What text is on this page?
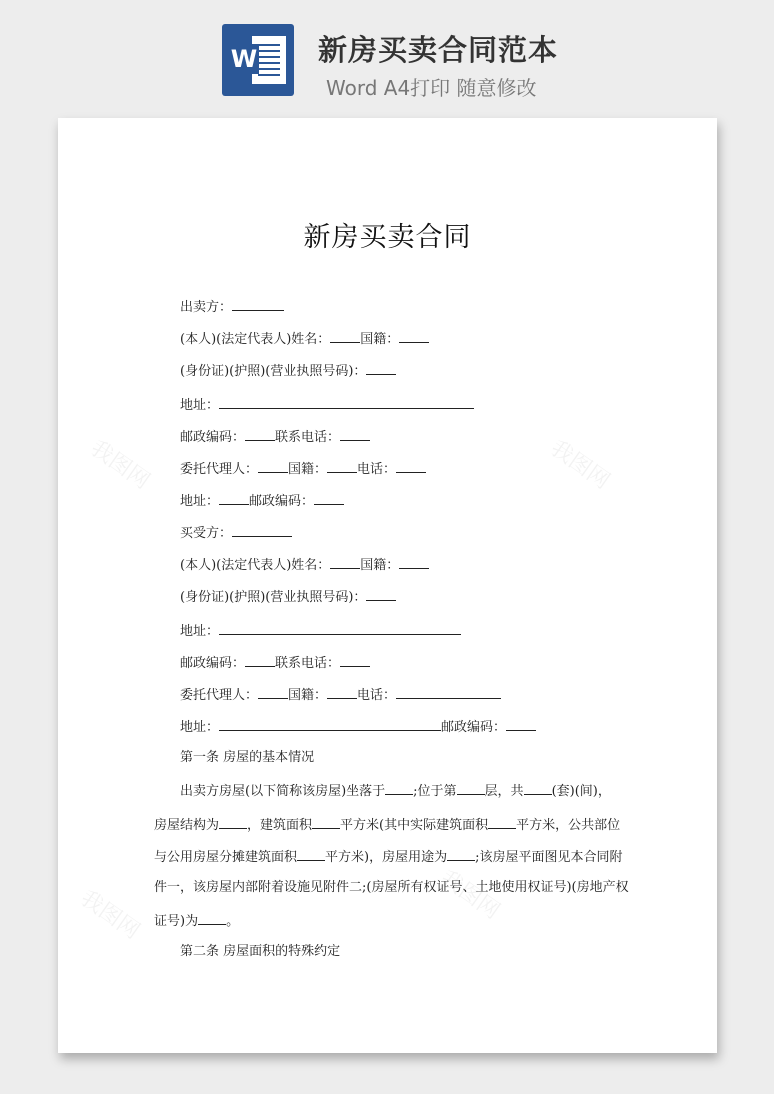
W 新房买卖合同范本
Word A4打印 随意修改
我图网	我图网
我图网	我图网
新房买卖合同
出卖方：
(本人)(法定代表人)姓名： 国籍：
(身份证)(护照)(营业执照号码)：
地址：
邮政编码： 联系电话：
委托代理人： 国籍： 电话：
地址： 邮政编码：
买受方：
(本人)(法定代表人)姓名： 国籍：
(身份证)(护照)(营业执照号码)：
地址：
邮政编码： 联系电话：
委托代理人： 国籍： 电话：
地址：	邮政编码：
第一条 房屋的基本情况
出卖方房屋(以下简称该房屋)坐落于 ;位于第 层，共 (套)(间)，
房屋结构为 ，建筑面积 平方米(其中实际建筑面积 平方米，公共部位
与公用房屋分摊建筑面积 平方米)，房屋用途为 ;该房屋平面图见本合同附
件一，该房屋内部附着设施见附件二;(房屋所有权证号、土地使用权证号)(房地产权
证号)为 。
第二条 房屋面积的特殊约定
